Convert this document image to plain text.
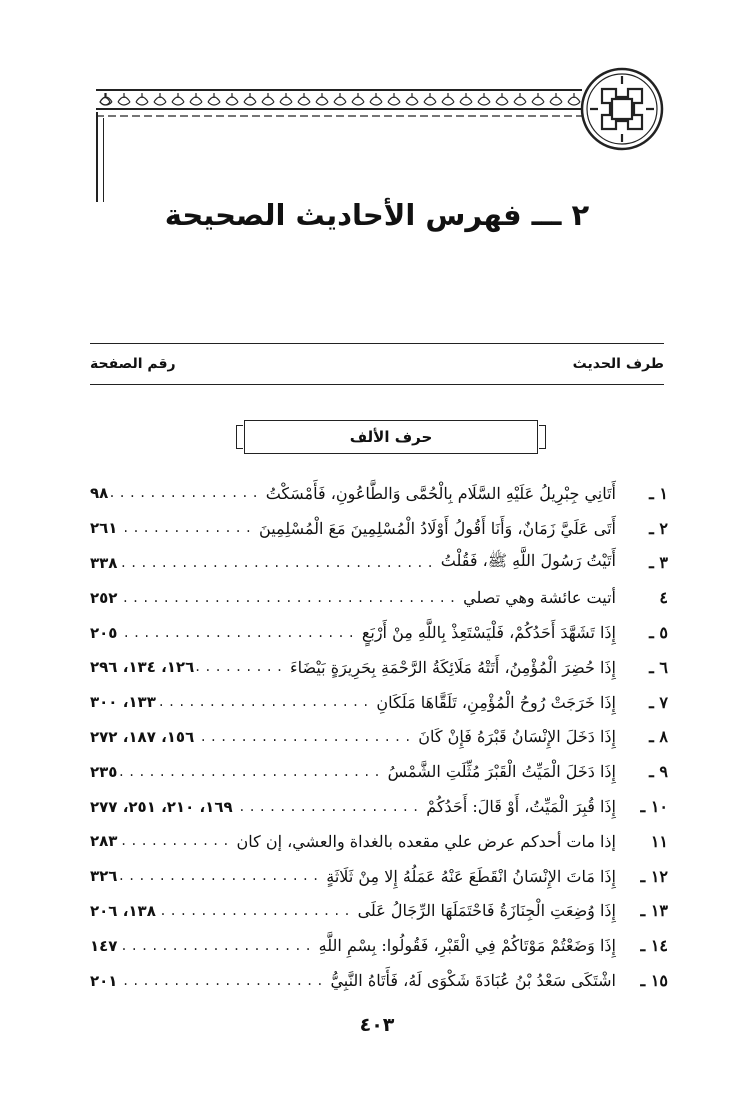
٢ ـــ فهرس الأحاديث الصحيحة
طرف الحديث
رقم الصفحة
حرف الألف
١ ـ
أَتَانِي جِبْرِيلُ عَلَيْهِ السَّلَام بِالْحُمَّى وَالطَّاعُونِ، فَأَمْسَكْتُ
.....
٩٨
٢ ـ
أَتَى عَلَيَّ زَمَانٌ، وَأَنَا أَقُولُ أَوْلَادُ الْمُسْلِمِينَ مَعَ الْمُسْلِمِينَ
.....
٢٦١
٣ ـ
أَتَيْتُ رَسُولَ اللَّهِ ﷺ، فَقُلْتُ
.....
٣٣٨
٤
أتيت عائشة وهي تصلي
.....
٢٥٢
٥ ـ
إِذَا تَشَهَّدَ أَحَدُكُمْ، فَلْيَسْتَعِذْ بِاللَّهِ مِنْ أَرْبَعٍ
.....
٢٠٥
٦ ـ
إِذَا حُضِرَ الْمُؤْمِنُ، أَتَتْهُ مَلَائِكَةُ الرَّحْمَةِ بِحَرِيرَةٍ بَيْضَاءَ
.....
١٢٦، ١٣٤، ٢٩٦
٧ ـ
إِذَا خَرَجَتْ رُوحُ الْمُؤْمِنِ، تَلَقَّاهَا مَلَكَانِ
.....
١٣٣، ٣٠٠
٨ ـ
إِذَا دَخَلَ الإِنْسَانُ قَبْرَهُ فَإِنْ كَانَ
.....
١٥٦، ١٨٧، ٢٧٢
٩ ـ
إِذَا دَخَلَ الْمَيِّتُ الْقَبْرَ مُثِّلَتِ الشَّمْسُ
.....
٢٣٥
١٠ ـ
إِذَا قُبِرَ الْمَيِّتُ، أَوْ قَالَ: أَحَدُكُمْ
.....
١٦٩، ٢١٠، ٢٥١، ٢٧٧
١١
إذا مات أحدكم عرض علي مقعده بالغداة والعشي، إن كان
.....
٢٨٣
١٢ ـ
إِذَا مَاتَ الإِنْسَانُ انْقَطَعَ عَنْهُ عَمَلُهُ إِلا مِنْ ثَلَاثَةٍ
.....
٣٢٦
١٣ ـ
إِذَا وُضِعَتِ الْجِنَازَةُ فَاحْتَمَلَهَا الرِّجَالُ عَلَى
.....
١٣٨، ٢٠٦
١٤ ـ
إِذَا وَضَعْتُمْ مَوْتَاكُمْ فِي الْقَبْرِ، فَقُولُوا: بِسْمِ اللَّهِ
.....
١٤٧
١٥ ـ
اشْتَكَى سَعْدُ بْنُ عُبَادَةَ شَكْوَى لَهُ، فَأَتَاهُ النَّبِيُّ
.....
٢٠١
٤٠٣
